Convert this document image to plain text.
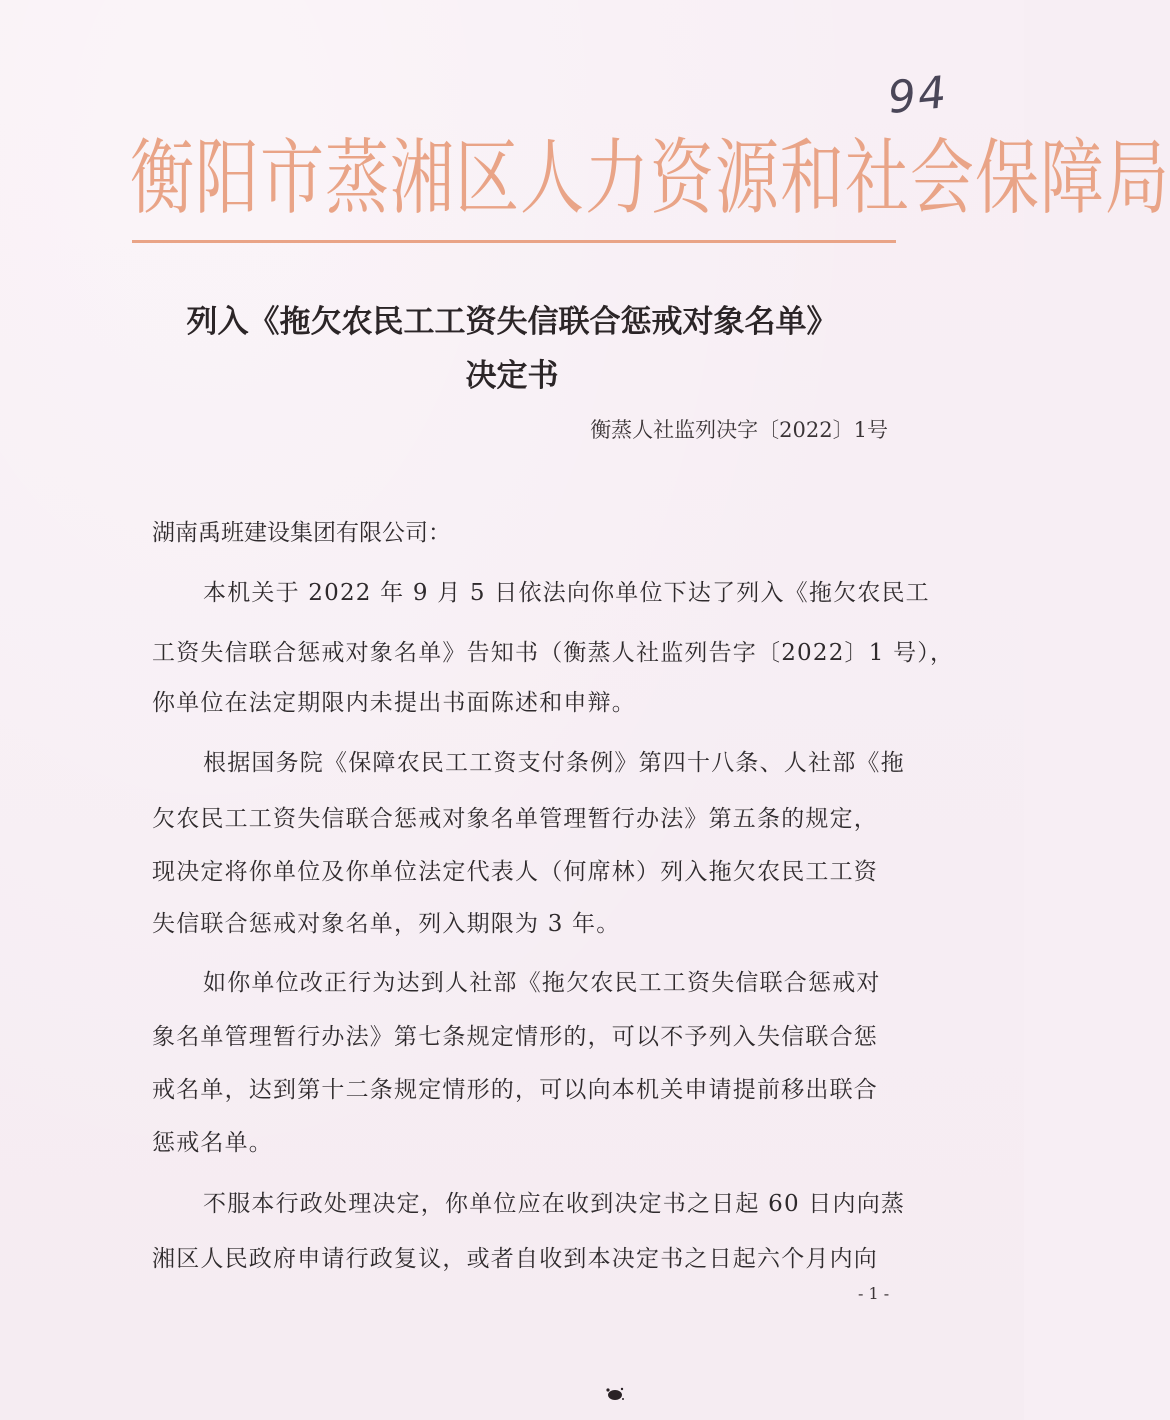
94
衡阳市蒸湘区人力资源和社会保障局
列入《拖欠农民工工资失信联合惩戒对象名单》
决定书
衡蒸人社监列决字〔2022〕1号
湖南禹班建设集团有限公司：
本机关于 2022 年 9 月 5 日依法向你单位下达了列入《拖欠农民工
工资失信联合惩戒对象名单》告知书（衡蒸人社监列告字〔2022〕1 号），
你单位在法定期限内未提出书面陈述和申辩。
根据国务院《保障农民工工资支付条例》第四十八条、人社部《拖
欠农民工工资失信联合惩戒对象名单管理暂行办法》第五条的规定，
现决定将你单位及你单位法定代表人（何席林）列入拖欠农民工工资
失信联合惩戒对象名单，列入期限为 3 年。
如你单位改正行为达到人社部《拖欠农民工工资失信联合惩戒对
象名单管理暂行办法》第七条规定情形的，可以不予列入失信联合惩
戒名单，达到第十二条规定情形的，可以向本机关申请提前移出联合
惩戒名单。
不服本行政处理决定，你单位应在收到决定书之日起 60 日内向蒸
湘区人民政府申请行政复议，或者自收到本决定书之日起六个月内向
- 1 -
